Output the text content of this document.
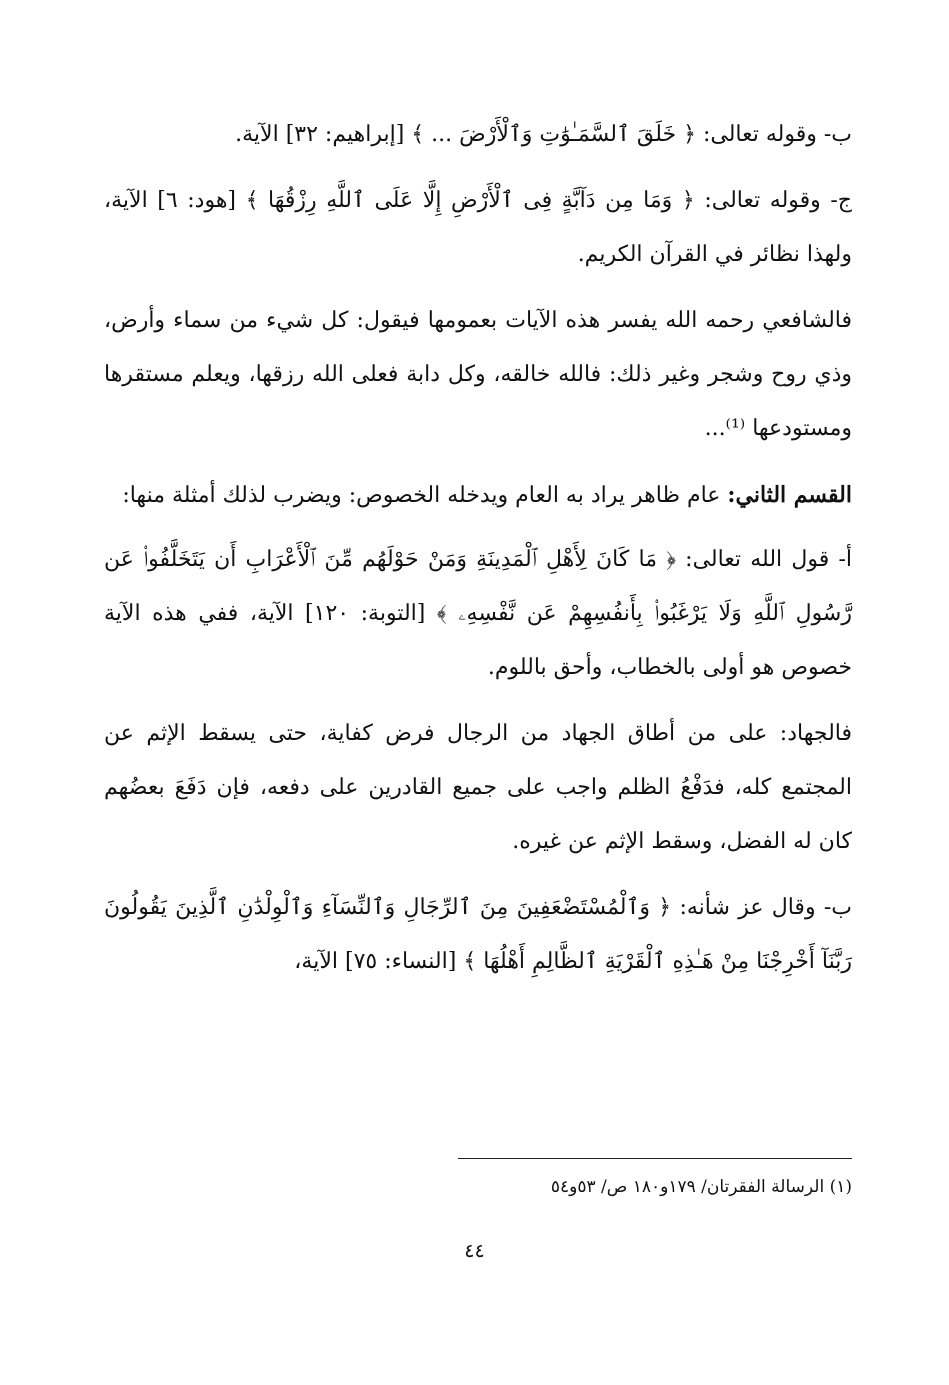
ب- وقوله تعالى: ﴿ خَلَقَ ٱلسَّمَـٰوَٰتِ وَٱلْأَرْضَ ... ﴾ [إبراهيم: ٣٢] الآية.

ج- وقوله تعالى: ﴿ وَمَا مِن دَآبَّةٍ فِى ٱلْأَرْضِ إِلَّا عَلَى ٱللَّهِ رِزْقُهَا ﴾ [هود: ٦] الآية، ولهذا نظائر في القرآن الكريم.

فالشافعي رحمه الله يفسر هذه الآيات بعمومها فيقول: كل شيء من سماء وأرض، وذي روح وشجر وغير ذلك: فالله خالقه، وكل دابة فعلى الله رزقها، ويعلم مستقرها ومستودعها ⁽¹⁾...

القسم الثاني: عام ظاهر يراد به العام ويدخله الخصوص: ويضرب لذلك أمثلة منها:

أ- قول الله تعالى: ﴿ مَا كَانَ لِأَهْلِ ٱلْمَدِينَةِ وَمَنْ حَوْلَهُم مِّنَ ٱلْأَعْرَابِ أَن يَتَخَلَّفُوا۟ عَن رَّسُولِ ٱللَّهِ وَلَا يَرْغَبُوا۟ بِأَنفُسِهِمْ عَن نَّفْسِهِۦ ﴾ [التوبة: ١٢٠] الآية، ففي هذه الآية خصوص هو أولى بالخطاب، وأحق باللوم.

فالجهاد: على من أطاق الجهاد من الرجال فرض كفاية، حتى يسقط الإثم عن المجتمع كله، فدَفْعُ الظلم واجب على جميع القادرين على دفعه، فإن دَفَعَ بعضُهم كان له الفضل، وسقط الإثم عن غيره.

ب- وقال عز شأنه: ﴿ وَٱلْمُسْتَضْعَفِينَ مِنَ ٱلرِّجَالِ وَٱلنِّسَآءِ وَٱلْوِلْدَٰنِ ٱلَّذِينَ يَقُولُونَ رَبَّنَآ أَخْرِجْنَا مِنْ هَـٰذِهِ ٱلْقَرْيَةِ ٱلظَّالِمِ أَهْلُهَا ﴾ [النساء: ٧٥] الآية،

(١) الرسالة الفقرتان/ ١٧٩و١٨٠ ص/ ٥٣و٥٤
٤٤
